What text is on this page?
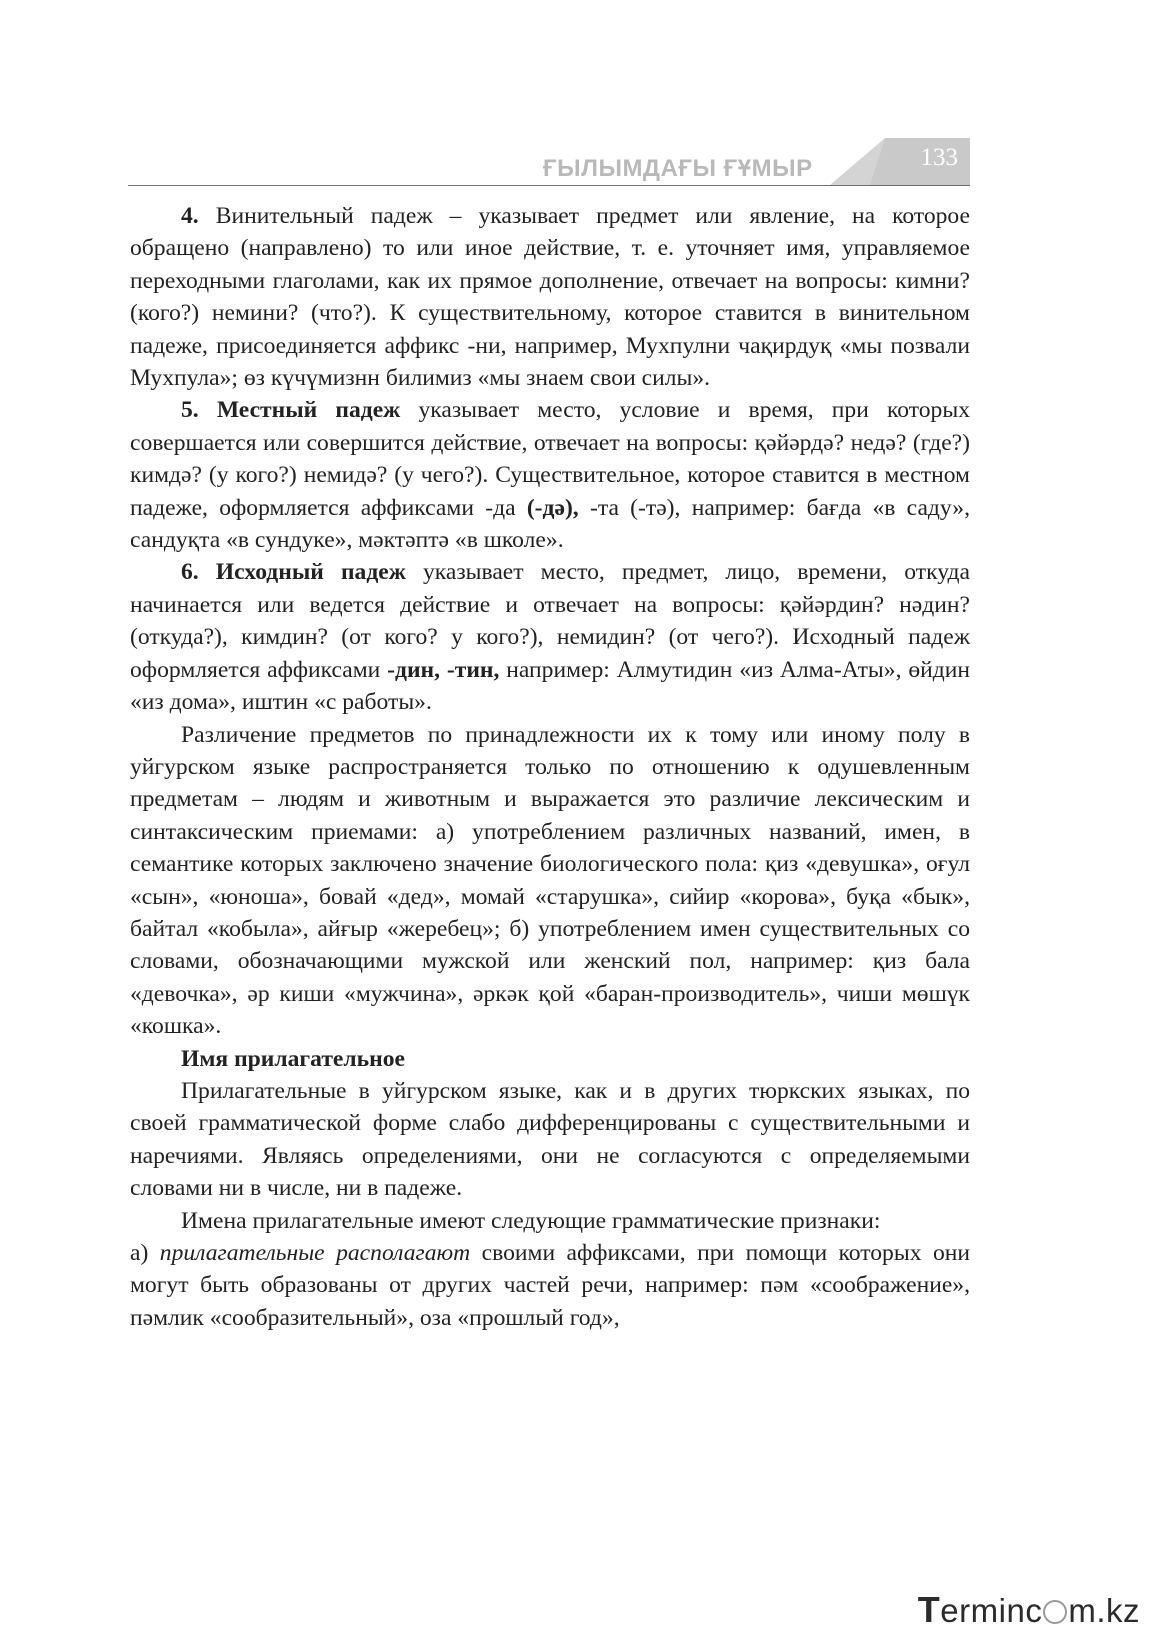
ҒЫЛЫМДАҒЫ ҒҰМЫР	133

4. Винительный падеж – указывает предмет или явление, на которое обращено (направлено) то или иное действие, т. е. уточняет имя, управляемое переходными глаголами, как их прямое дополнение, отвечает на вопросы: кимни? (кого?) немини? (что?). К существительному, которое ставится в винительном падеже, присоединяется аффикс -ни, например, Мухпулни чақирдуқ «мы позвали Мухпула»; өз күчүмизнн билимиз «мы знаем свои силы».

5. Местный падеж указывает место, условие и время, при которых совершается или совершится действие, отвечает на вопросы: қәйәрдә? недә? (где?) кимдә? (у кого?) немидә? (у чего?). Существительное, которое ставится в местном падеже, оформляется аффиксами -да (-дә), -та (-тә), например: бағда «в саду», сандуқта «в сундуке», мәктәптә «в школе».

6. Исходный падеж указывает место, предмет, лицо, времени, откуда начинается или ведется действие и отвечает на вопросы: қәйәрдин? нәдин? (откуда?), кимдин? (от кого? у кого?), немидин? (от чего?). Исходный падеж оформляется аффиксами -дин, -тин, например: Алмутидин «из Алма-Аты», өйдин «из дома», иштин «с работы».

Различение предметов по принадлежности их к тому или иному полу в уйгурском языке распространяется только по отношению к одушевленным предметам – людям и животным и выражается это различие лексическим и синтаксическим приемами: а) употреблением различных названий, имен, в семантике которых заключено значение биологического пола: қиз «девушка», оғул «сын», «юноша», бовай «дед», момай «старушка», сийир «корова», буқа «бык», байтал «кобыла», айғыр «жеребец»; б) употреблением имен существительных со словами, обозначающими мужской или женский пол, например: қиз бала «девочка», әр киши «мужчина», әркәк қой «баран-производитель», чиши мөшүк «кошка».

Имя прилагательное

Прилагательные в уйгурском языке, как и в других тюркских языках, по своей грамматической форме слабо дифференцированы с существительными и наречиями. Являясь определениями, они не согласуются с определяемыми словами ни в числе, ни в падеже.

Имена прилагательные имеют следующие грамматические признаки:

а) прилагательные располагают своими аффиксами, при помощи которых они могут быть образованы от других частей речи, например: пәм «соображение», пәмлик «сообразительный», оза «прошлый год»,

Terminc m.kz
